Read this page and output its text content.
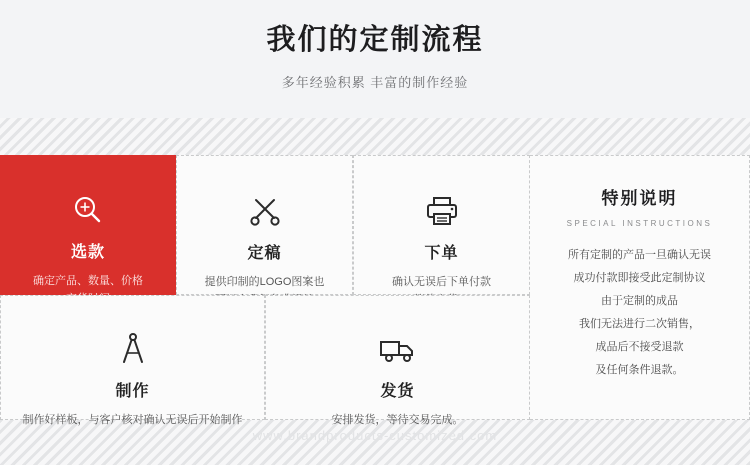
我们的定制流程
多年经验积累 丰富的制作经验
选款
确定产品、数量、价格
定稿
提供印制的LOGO图案也
下单
确认无误后下单付款
制作
制作好样板，与客户核对确认无误后开始制作
发货
安排发货，等待交易完成。
特别说明
SPECIAL INSTRUCTIONS
所有定制的产品一旦确认无误
成功付款即接受此定制协议
由于定制的成品
我们无法进行二次销售，
成品后不接受退款
及任何条件退款。
www.brandproducts-customized.com
